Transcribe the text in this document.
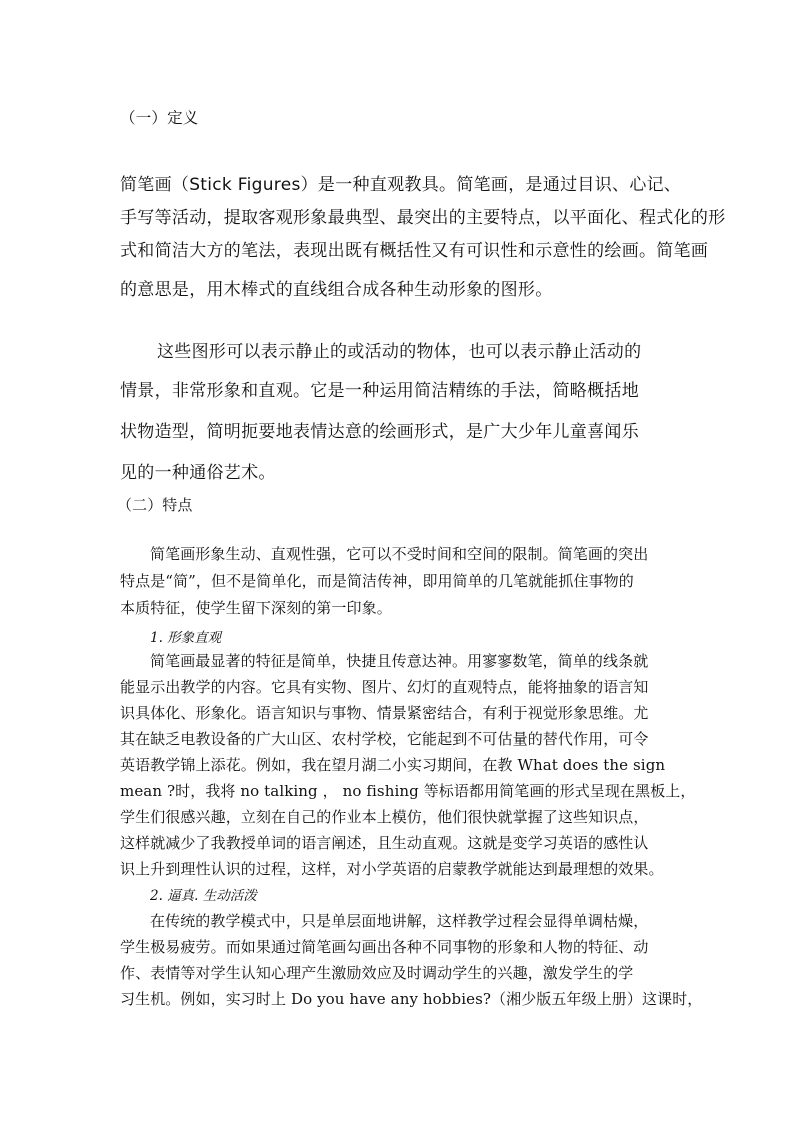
（一）定义

简笔画（Stick Figures）是一种直观教具。简笔画，是通过目识、心记、

手写等活动，提取客观形象最典型、最突出的主要特点，以平面化、程式化的形

式和简洁大方的笔法，表现出既有概括性又有可识性和示意性的绘画。简笔画

的意思是，用木棒式的直线组合成各种生动形象的图形。

这些图形可以表示静止的或活动的物体，也可以表示静止活动的

情景，非常形象和直观。它是一种运用简洁精练的手法，简略概括地

状物造型，简明扼要地表情达意的绘画形式，是广大少年儿童喜闻乐

见的一种通俗艺术。

（二）特点

简笔画形象生动、直观性强，它可以不受时间和空间的限制。简笔画的突出

特点是“简”，但不是简单化，而是简洁传神，即用简单的几笔就能抓住事物的

本质特征，使学生留下深刻的第一印象。

1. 形象直观

简笔画最显著的特征是简单，快捷且传意达神。用寥寥数笔，简单的线条就

能显示出教学的内容。它具有实物、图片、幻灯的直观特点，能将抽象的语言知

识具体化、形象化。语言知识与事物、情景紧密结合，有利于视觉形象思维。尤

其在缺乏电教设备的广大山区、农村学校，它能起到不可估量的替代作用，可令

英语教学锦上添花。例如，我在望月湖二小实习期间，在教 What does the sign

mean ?时，我将 no talking ， no fishing 等标语都用简笔画的形式呈现在黑板上，

学生们很感兴趣，立刻在自己的作业本上模仿，他们很快就掌握了这些知识点，

这样就减少了我教授单词的语言阐述，且生动直观。这就是变学习英语的感性认

识上升到理性认识的过程，这样，对小学英语的启蒙教学就能达到最理想的效果。

2. 逼真. 生动活泼

在传统的教学模式中，只是单层面地讲解，这样教学过程会显得单调枯燥，

学生极易疲劳。而如果通过简笔画勾画出各种不同事物的形象和人物的特征、动

作、表情等对学生认知心理产生激励效应及时调动学生的兴趣，激发学生的学

习生机。例如，实习时上 Do you have any hobbies?（湘少版五年级上册）这课时，
